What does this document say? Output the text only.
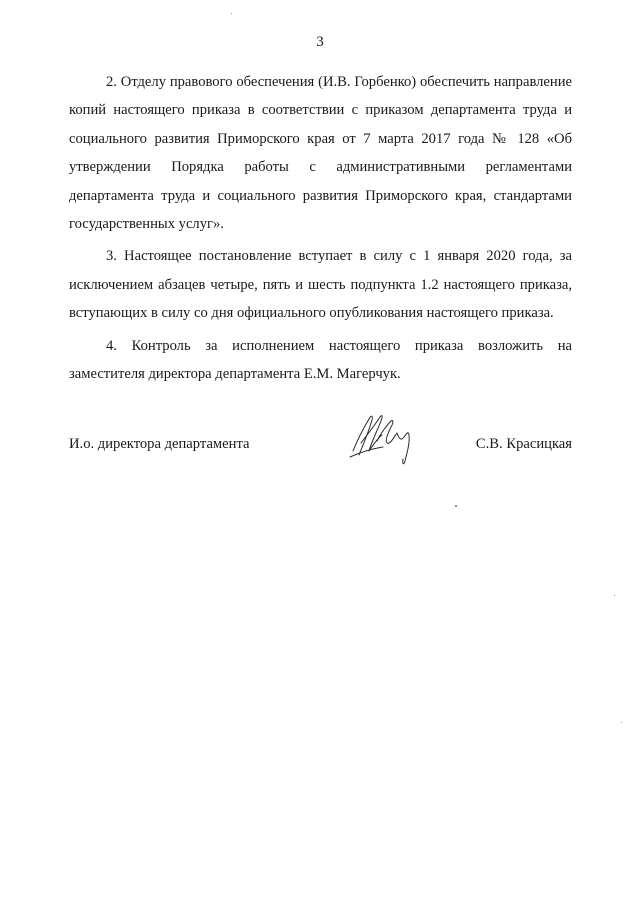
3

2. Отделу правового обеспечения (И.В. Горбенко) обеспечить направление копий настоящего приказа в соответствии с приказом департамента труда и социального развития Приморского края от 7 марта 2017 года № 128 «Об утверждении Порядка работы с административными регламентами департамента труда и социального развития Приморского края, стандартами государственных услуг».

3. Настоящее постановление вступает в силу с 1 января 2020 года, за исключением абзацев четыре, пять и шесть подпункта 1.2 настоящего приказа, вступающих в силу со дня официального опубликования настоящего приказа.

4. Контроль за исполнением настоящего приказа возложить на заместителя директора департамента Е.М. Магерчук.

И.о. директора департамента	С.В. Красицкая
